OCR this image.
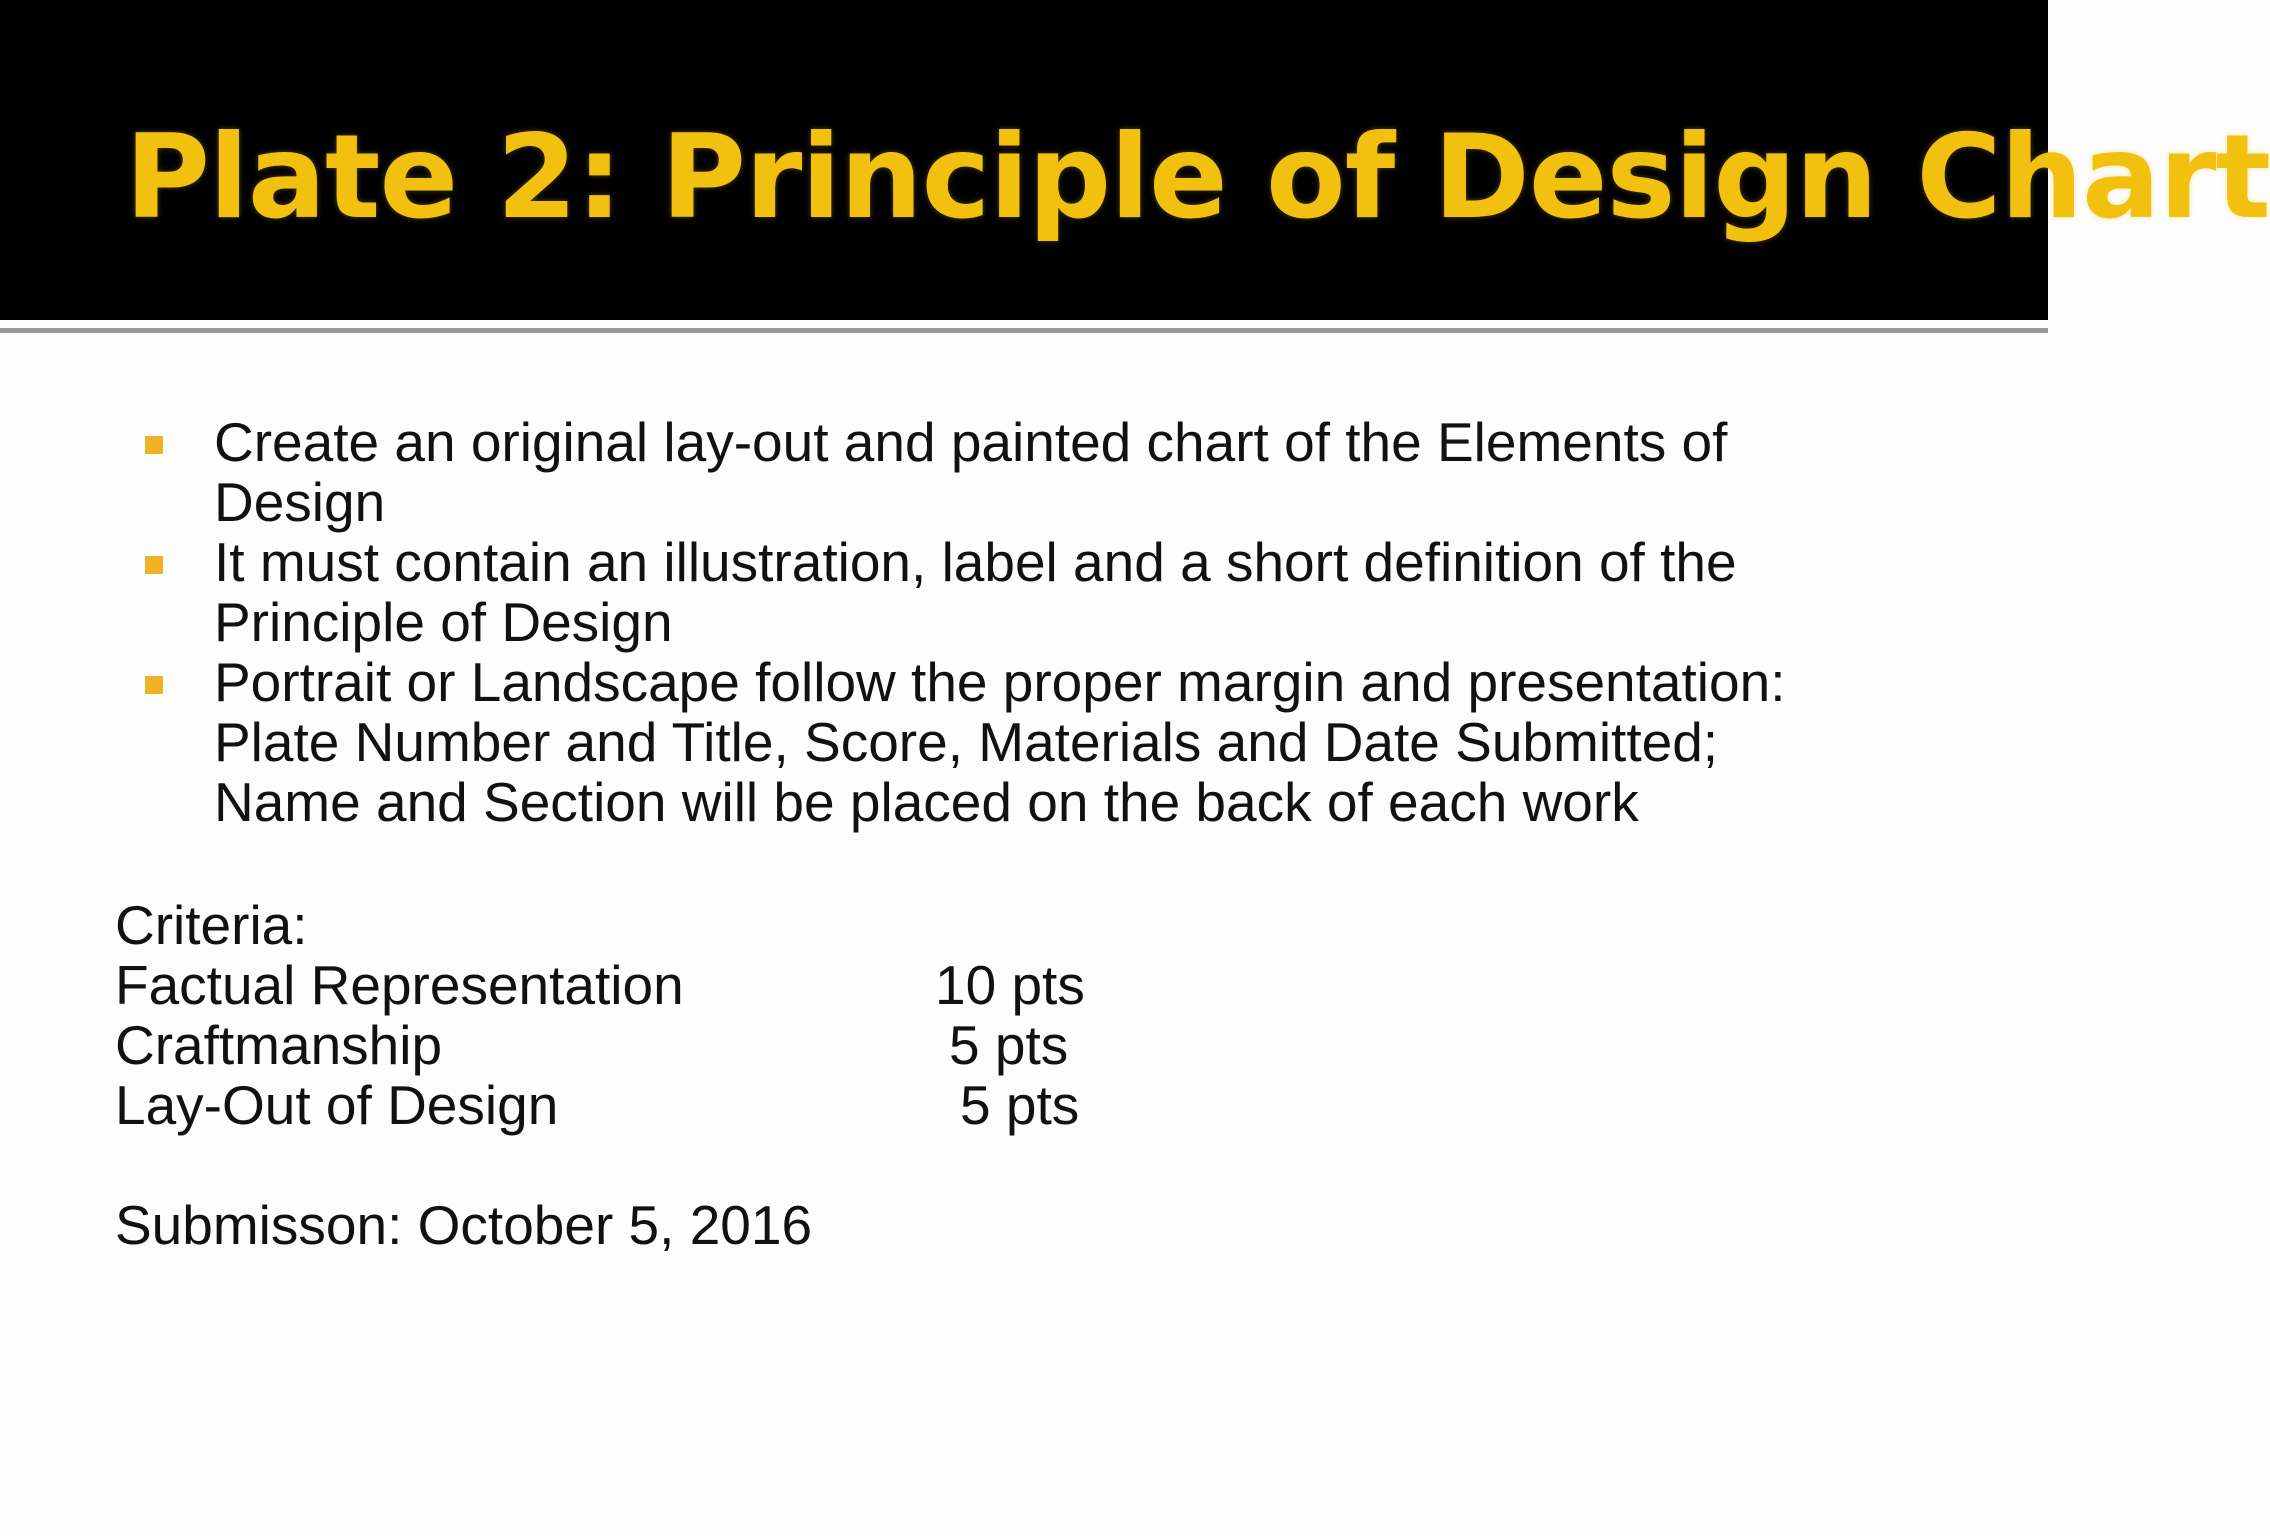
Plate 2: Principle of Design Chart
Create an original lay-out and painted chart of the Elements of
Design
It must contain an illustration, label and a short definition of the
Principle of Design
Portrait or Landscape follow the proper margin and presentation:
Plate Number and Title, Score, Materials and Date Submitted;
Name and Section will be placed on the back of each work
Criteria:
Factual Representation	10 pts
Craftmanship	5 pts
Lay-Out of Design	5 pts
Submisson: October 5, 2016
